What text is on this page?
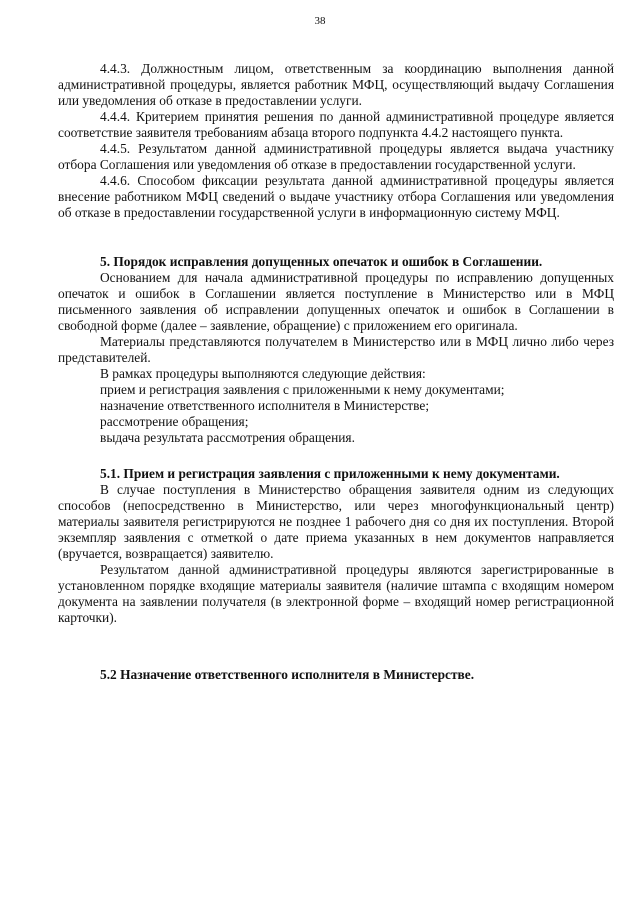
38

4.4.3. Должностным лицом, ответственным за координацию выполнения данной административной процедуры, является работник МФЦ, осуществляющий выдачу Соглашения или уведомления об отказе в предоставлении услуги.

4.4.4. Критерием принятия решения по данной административной процедуре является соответствие заявителя требованиям абзаца второго подпункта 4.4.2 настоящего пункта.

4.4.5. Результатом данной административной процедуры является выдача участнику отбора Соглашения или уведомления об отказе в предоставлении государственной услуги.

4.4.6. Способом фиксации результата данной административной процедуры является внесение работником МФЦ сведений о выдаче участнику отбора Соглашения или уведомления об отказе в предоставлении государственной услуги в информационную систему МФЦ.

5. Порядок исправления допущенных опечаток и ошибок в Соглашении.

Основанием для начала административной процедуры по исправлению допущенных опечаток и ошибок в Соглашении является поступление в Министерство или в МФЦ письменного заявления об исправлении допущенных опечаток и ошибок в Соглашении в свободной форме (далее – заявление, обращение) с приложением его оригинала.

Материалы представляются получателем в Министерство или в МФЦ лично либо через представителей.

В рамках процедуры выполняются следующие действия:

прием и регистрация заявления с приложенными к нему документами;

назначение ответственного исполнителя в Министерстве;

рассмотрение обращения;

выдача результата рассмотрения обращения.

5.1. Прием и регистрация заявления с приложенными к нему документами.

В случае поступления в Министерство обращения заявителя одним из следующих способов (непосредственно в Министерство, или через многофункциональный центр) материалы заявителя регистрируются не позднее 1 рабочего дня со дня их поступления. Второй экземпляр заявления с отметкой о дате приема указанных в нем документов направляется (вручается, возвращается) заявителю.

Результатом данной административной процедуры являются зарегистрированные в установленном порядке входящие материалы заявителя (наличие штампа с входящим номером документа на заявлении получателя (в электронной форме – входящий номер регистрационной карточки).

5.2 Назначение ответственного исполнителя в Министерстве.
